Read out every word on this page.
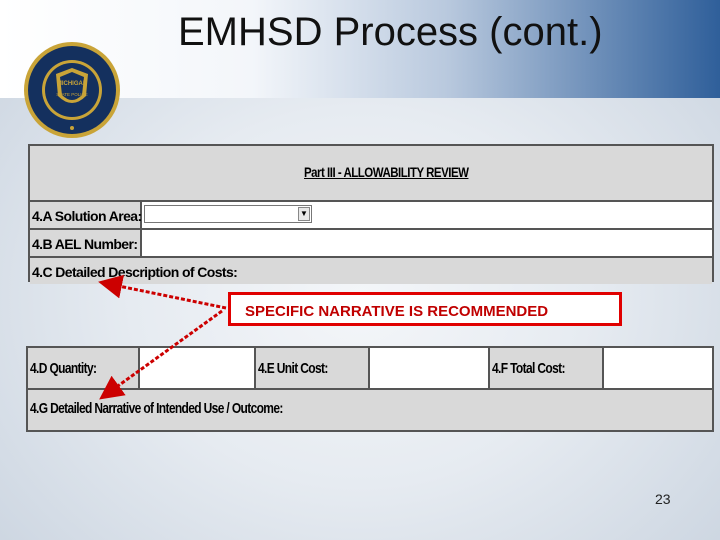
EMHSD Process (cont.)
MICHIGAN
STATE POLICE
Part III - ALLOWABILITY REVIEW
4.A Solution Area:	▼
4.B AEL Number:
4.C Detailed Description of Costs:
SPECIFIC NARRATIVE IS RECOMMENDED
4.D Quantity:	4.E Unit Cost:	4.F Total Cost:
4.G Detailed Narrative of Intended Use / Outcome:
23
